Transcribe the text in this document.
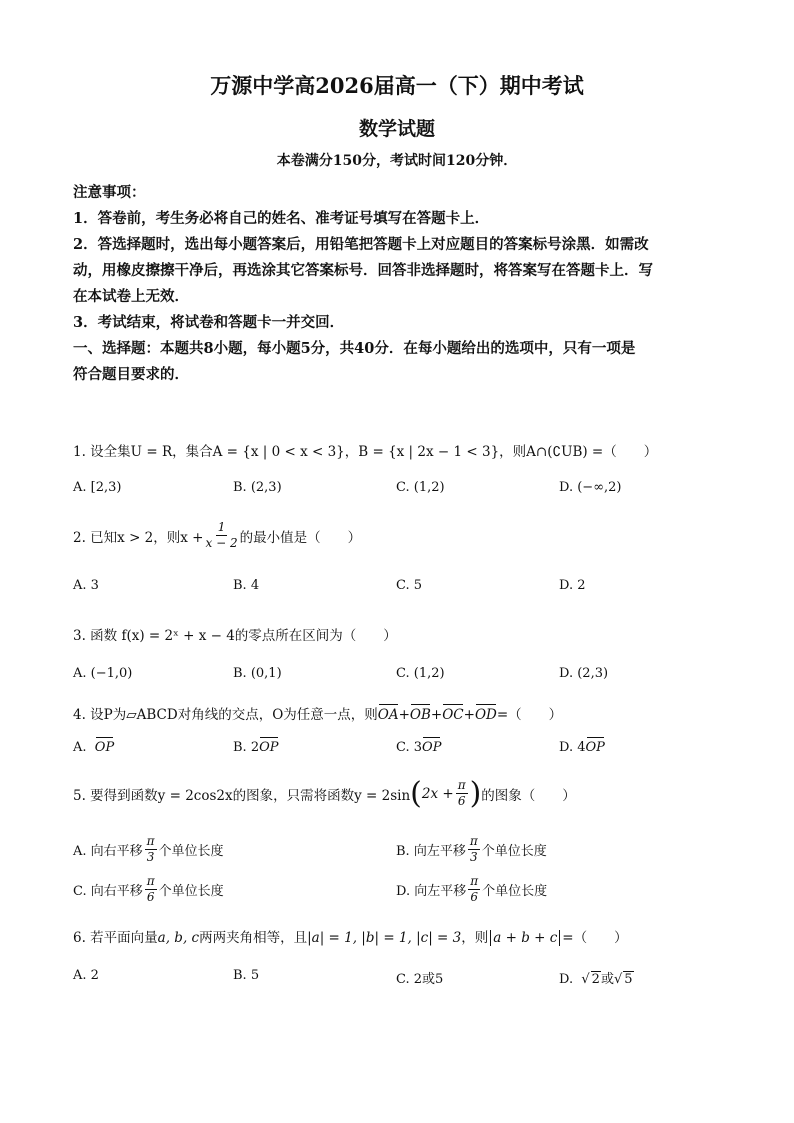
万源中学高2026届高一（下）期中考试
数学试题
本卷满分150分，考试时间120分钟．
注意事项：
1．答卷前，考生务必将自己的姓名、准考证号填写在答题卡上．
2．答选择题时，选出每小题答案后，用铅笔把答题卡上对应题目的答案标号涂黑．如需改
动，用橡皮擦擦干净后，再选涂其它答案标号．回答非选择题时，将答案写在答题卡上．写
在本试卷上无效．
3．考试结束，将试卷和答题卡一并交回．
一、选择题：本题共8小题，每小题5分，共40分．在每小题给出的选项中，只有一项是
符合题目要求的．
1. 设全集U = R，集合A = {x | 0 < x < 3}，B = {x | 2x − 1 < 3}，则A∩(∁UB) =（　　）
A. [2,3)	B. (2,3)	C. (1,2)	D. (−∞,2)
2. 已知x > 2，则$x + \frac{1}{x - 2}$ 的最小值是（　　）
A. 3	B. 4	C. 5	D. 2
3. 函数 f(x) = 2ˣ + x − 4的零点所在区间为（　　）
A. (−1,0)	B. (0,1)	C. (1,2)	D. (2,3)
4. 设P为▱ABCD对角线的交点，O为任意一点，则OA+OB+OC+OD=（　　）
A. OP	B. 2OP	C. 3OP	D. 4OP
5. 要得到函数y = 2cos2x的图象，只需将函数y = 2sin ( $2x + \frac{\pi}{6}$ ) 的图象（　　）
A. 向右平移 $\frac{\pi}{3}$ 个单位长度	B. 向左平移 $\frac{\pi}{3}$ 个单位长度
C. 向右平移 $\frac{\pi}{6}$ 个单位长度	D. 向左平移 $\frac{\pi}{6}$ 个单位长度
6. 若平面向量a, b, c两两夹角相等，且|a| = 1, |b| = 1, |c| = 3，则 a + b + c =（　　）
A. 2	B. 5	C. 2或5	D.  √ 2或√ 5
